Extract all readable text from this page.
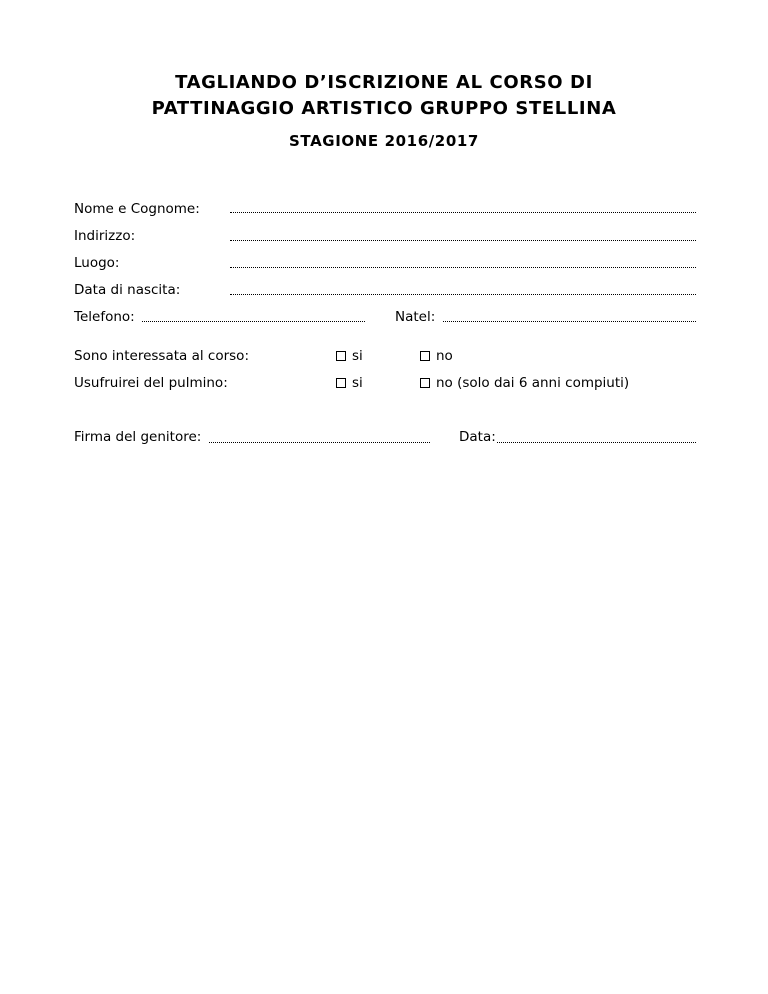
TAGLIANDO D’ISCRIZIONE AL CORSO DI
PATTINAGGIO ARTISTICO GRUPPO STELLINA
STAGIONE 2016/2017
Nome e Cognome:
Indirizzo:
Luogo:
Data di nascita:
Telefono:	Natel:
Sono interessata al corso:	si	no
Usufruirei del pulmino:	si	no (solo dai 6 anni compiuti)
Firma del genitore:	Data:
